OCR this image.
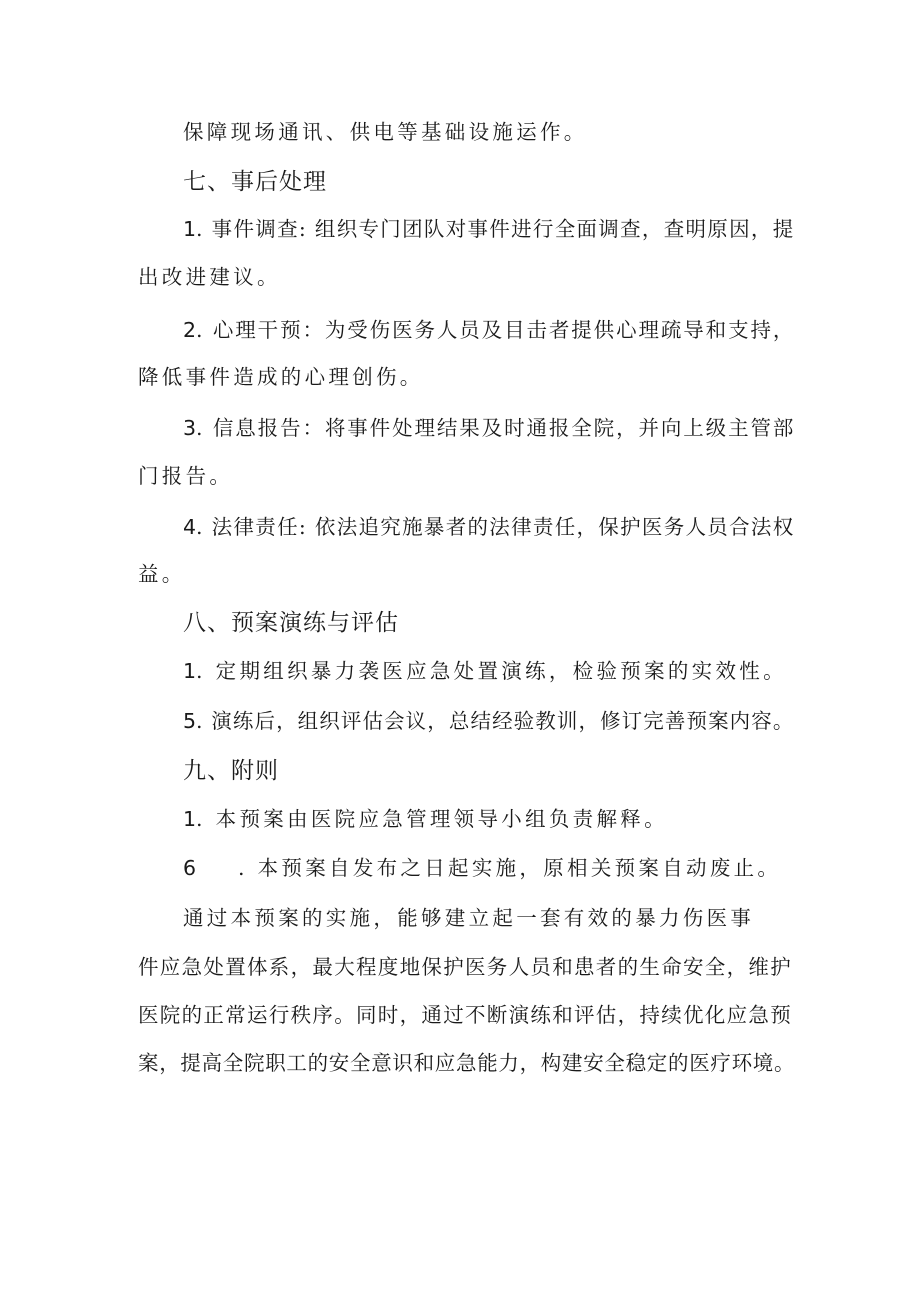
保障现场通讯、供电等基础设施运作。
七、事后处理
1. 事件调查: 组织专门团队对事件进行全面调查，查明原因，提
出改进建议。
2. 心理干预：为受伤医务人员及目击者提供心理疏导和支持，
降低事件造成的心理创伤。
3. 信息报告：将事件处理结果及时通报全院，并向上级主管部
门报告。
4. 法律责任: 依法追究施暴者的法律责任，保护医务人员合法权
益。
八、预案演练与评估
1. 定期组织暴力袭医应急处置演练，检验预案的实效性。
5. 演练后，组织评估会议，总结经验教训，修订完善预案内容。
九、附则
1. 本预案由医院应急管理领导小组负责解释。
6 . 本预案自发布之日起实施，原相关预案自动废止。
通过本预案的实施，能够建立起一套有效的暴力伤医事
件应急处置体系，最大程度地保护医务人员和患者的生命安全，维护
医院的正常运行秩序。同时，通过不断演练和评估，持续优化应急预
案，提高全院职工的安全意识和应急能力，构建安全稳定的医疗环境。
